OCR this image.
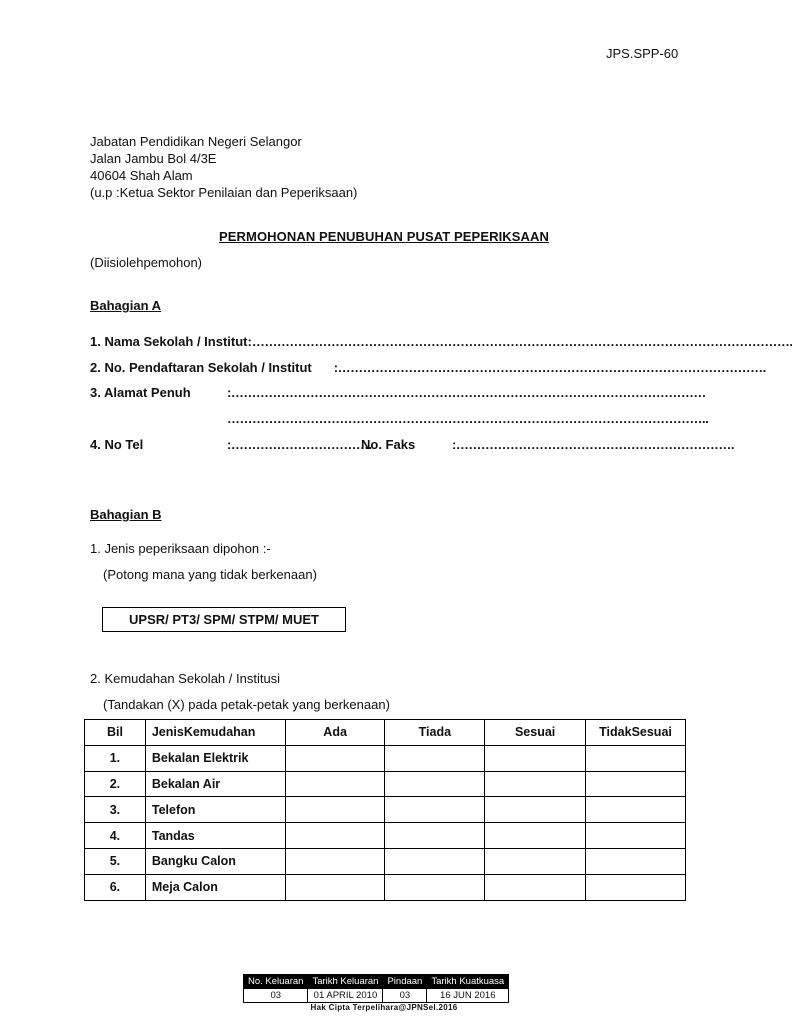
JPS.SPP-60
Jabatan Pendidikan Negeri Selangor
Jalan Jambu Bol 4/3E
40604 Shah Alam
(u.p :Ketua Sektor Penilaian dan Peperiksaan)
PERMOHONAN PENUBUHAN PUSAT PEPERIKSAAN
(Diisiolehpemohon)
Bahagian A
1. Nama Sekolah / Institut:………………………………………………………………………………………………………………….
2. No. Pendaftaran Sekolah / Institut :………………………………………………………………………………………….
3. Alamat Penuh	:……………………………………………………………………………………………………
……………………………………………………………………………………………………..
4. No Tel	:…………………………….No. Faks	:………………………………………………………….
Bahagian B
1. Jenis peperiksaan dipohon :-
(Potong mana yang tidak berkenaan)
UPSR/ PT3/ SPM/ STPM/ MUET
2. Kemudahan Sekolah / Institusi
(Tandakan (X) pada petak-petak yang berkenaan)
Bil	JenisKemudahan	Ada	Tiada	Sesuai	TidakSesuai
1.	Bekalan Elektrik				
2.	Bekalan Air				
3.	Telefon				
4.	Tandas				
5.	Bangku Calon				
6.	Meja Calon				
No. Keluaran	Tarikh Keluaran	Pindaan	Tarikh Kuatkuasa
03	01 APRIL 2010	03	16 JUN 2016
Hak Cipta Terpelihara@JPNSel.2016
